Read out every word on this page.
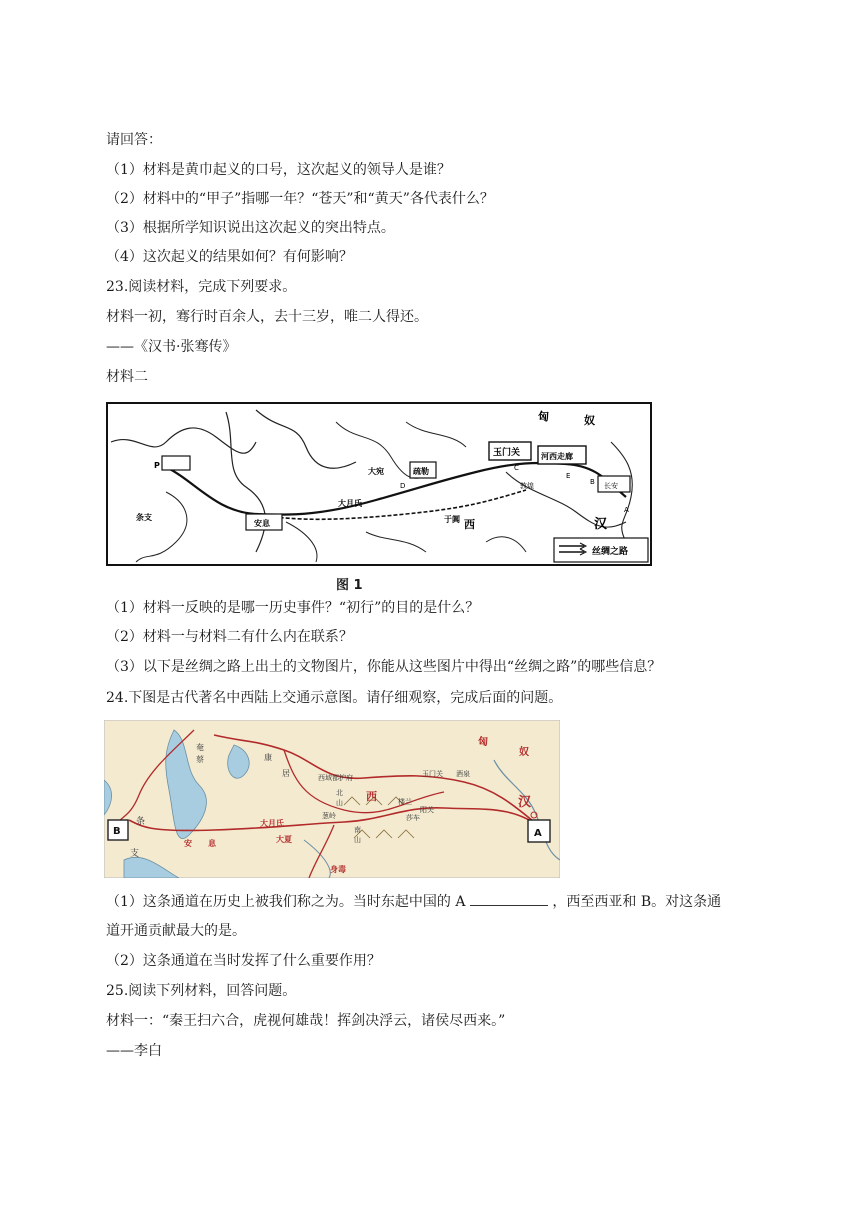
请回答：
（1）材料是黄巾起义的口号，这次起义的领导人是谁？
（2）材料中的“甲子”指哪一年？“苍天”和“黄天”各代表什么？
（3）根据所学知识说出这次起义的突出特点。
（4）这次起义的结果如何？有何影响？
23.阅读材料，完成下列要求。
材料一初，骞行时百余人，去十三岁，唯二人得还。
——《汉书·张骞传》
材料二
匈	奴
玉门关	河西走廊
大宛	疏勒
大月氏
于阗 西	汉
安息
条支
P
A
B
C
D
E
敦煌	长安
丝绸之路
图 1
（1）材料一反映的是哪一历史事件？“初行”的目的是什么？
（2）材料一与材料二有什么内在联系？
（3）以下是丝绸之路上出土的文物图片，你能从这些图片中得出“丝绸之路”的哪些信息？
24.下图是古代著名中西陆上交通示意图。请仔细观察，完成后面的问题。
匈
奴
奄
蔡	康
居	西域都护府	玉门关 酒泉
楼兰
阳关
莎车
西
北
山
南
山
葱岭
汉
A
B
条
支
安 息
大月氏
大夏
身毒
（1）这条通道在历史上被我们称之为。当时东起中国的 A	，西至西亚和 B。对这条通
道开通贡献最大的是。
（2）这条通道在当时发挥了什么重要作用？
25.阅读下列材料，回答问题。
材料一：“秦王扫六合，虎视何雄哉！挥剑决浮云，诸侯尽西来。”
——李白
